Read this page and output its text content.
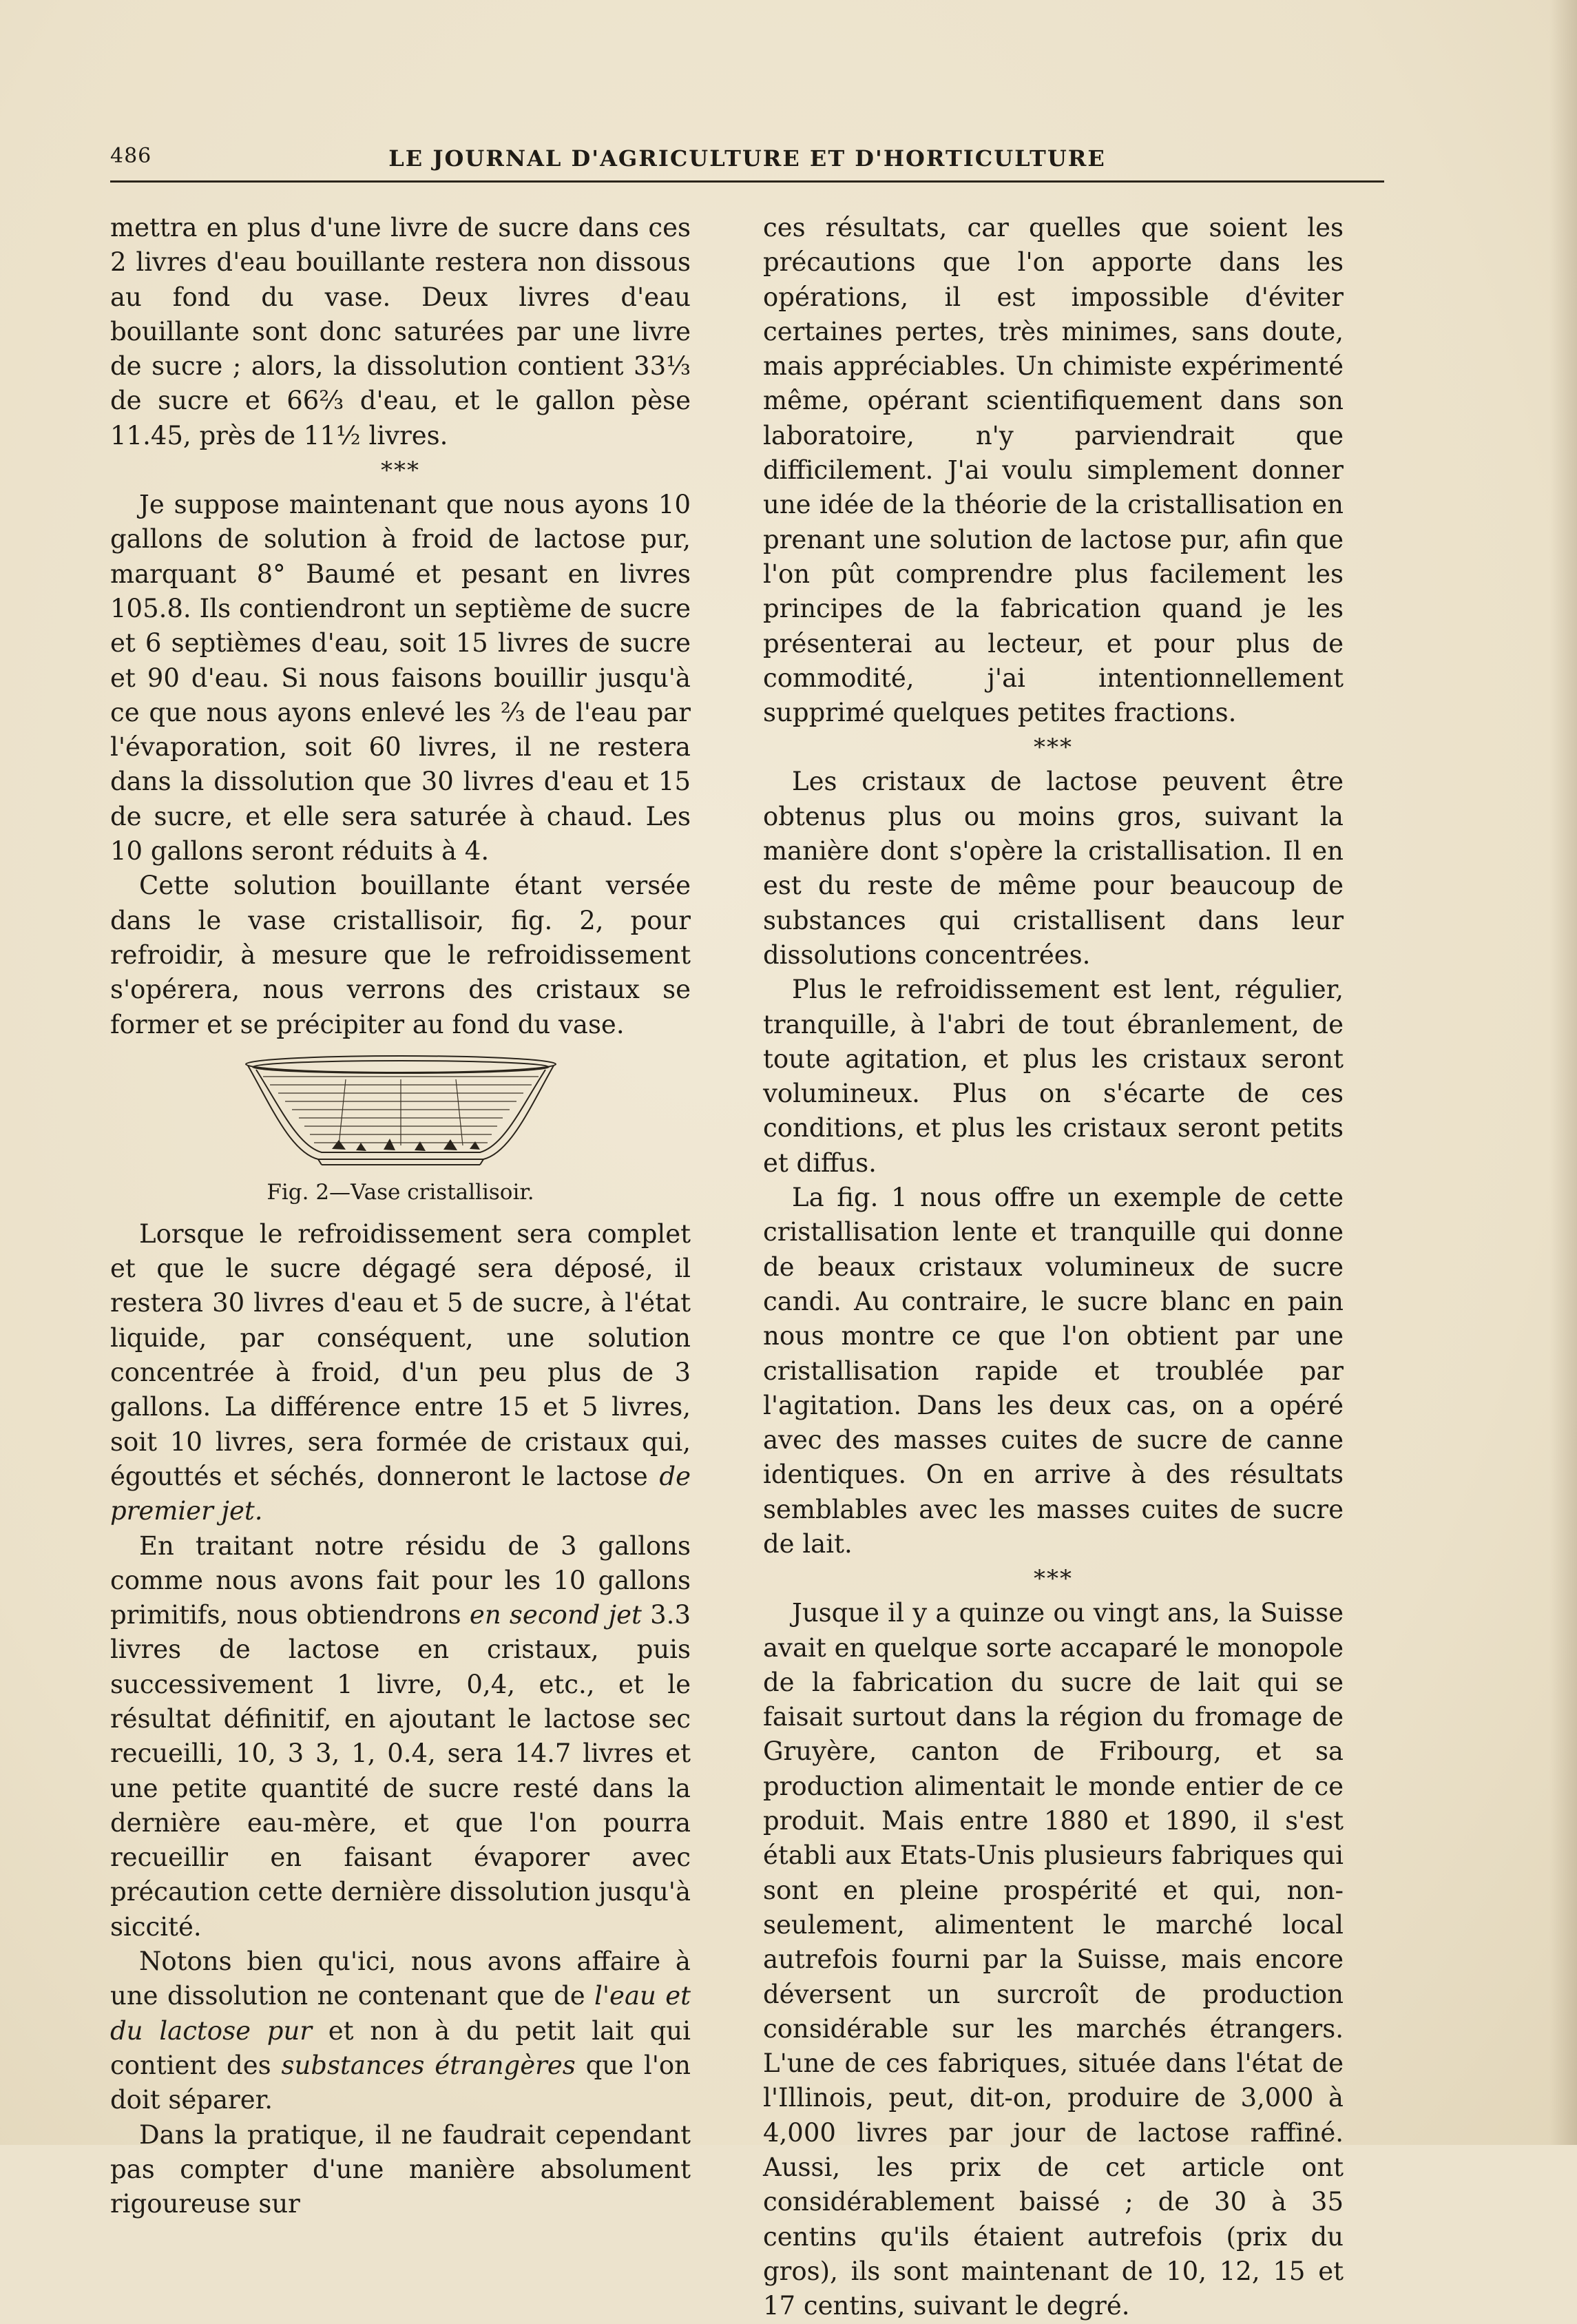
486	LE JOURNAL D'AGRICULTURE ET D'HORTICULTURE

mettra en plus d'une livre de sucre dans ces 2 livres d'eau bouillante restera non dissous au fond du vase. Deux livres d'eau bouillante sont donc saturées par une livre de sucre ; alors, la dissolution contient 33⅓ de sucre et 66⅔ d'eau, et le gallon pèse 11.45, près de 11½ livres.

***

Je suppose maintenant que nous ayons 10 gallons de solution à froid de lactose pur, marquant 8° Baumé et pesant en livres 105.8. Ils contiendront un septième de sucre et 6 septièmes d'eau, soit 15 livres de sucre et 90 d'eau. Si nous faisons bouillir jusqu'à ce que nous ayons enlevé les ⅔ de l'eau par l'évaporation, soit 60 livres, il ne restera dans la dissolution que 30 livres d'eau et 15 de sucre, et elle sera saturée à chaud. Les 10 gallons seront réduits à 4.

Cette solution bouillante étant versée dans le vase cristallisoir, fig. 2, pour refroidir, à mesure que le refroidissement s'opérera, nous verrons des cristaux se former et se précipiter au fond du vase.

Fig. 2—Vase cristallisoir.

Lorsque le refroidissement sera complet et que le sucre dégagé sera déposé, il restera 30 livres d'eau et 5 de sucre, à l'état liquide, par conséquent, une solution concentrée à froid, d'un peu plus de 3 gallons. La différence entre 15 et 5 livres, soit 10 livres, sera formée de cristaux qui, égouttés et séchés, donneront le lactose de premier jet.

En traitant notre résidu de 3 gallons comme nous avons fait pour les 10 gallons primitifs, nous obtiendrons en second jet 3.3 livres de lactose en cristaux, puis successivement 1 livre, 0,4, etc., et le résultat définitif, en ajoutant le lactose sec recueilli, 10, 3 3, 1, 0.4, sera 14.7 livres et une petite quantité de sucre resté dans la dernière eau-mère, et que l'on pourra recueillir en faisant évaporer avec précaution cette dernière dissolution jusqu'à siccité.

Notons bien qu'ici, nous avons affaire à une dissolution ne contenant que de l'eau et du lactose pur et non à du petit lait qui contient des substances étrangères que l'on doit séparer.

Dans la pratique, il ne faudrait cependant pas compter d'une manière absolument rigoureuse sur

ces résultats, car quelles que soient les précautions que l'on apporte dans les opérations, il est impossible d'éviter certaines pertes, très minimes, sans doute, mais appréciables. Un chimiste expérimenté même, opérant scientifiquement dans son laboratoire, n'y parviendrait que difficilement. J'ai voulu simplement donner une idée de la théorie de la cristallisation en prenant une solution de lactose pur, afin que l'on pût comprendre plus facilement les principes de la fabrication quand je les présenterai au lecteur, et pour plus de commodité, j'ai intentionnellement supprimé quelques petites fractions.

***

Les cristaux de lactose peuvent être obtenus plus ou moins gros, suivant la manière dont s'opère la cristallisation. Il en est du reste de même pour beaucoup de substances qui cristallisent dans leur dissolutions concentrées.

Plus le refroidissement est lent, régulier, tranquille, à l'abri de tout ébranlement, de toute agitation, et plus les cristaux seront volumineux. Plus on s'écarte de ces conditions, et plus les cristaux seront petits et diffus.

La fig. 1 nous offre un exemple de cette cristallisation lente et tranquille qui donne de beaux cristaux volumineux de sucre candi. Au contraire, le sucre blanc en pain nous montre ce que l'on obtient par une cristallisation rapide et troublée par l'agitation. Dans les deux cas, on a opéré avec des masses cuites de sucre de canne identiques. On en arrive à des résultats semblables avec les masses cuites de sucre de lait.

***

Jusque il y a quinze ou vingt ans, la Suisse avait en quelque sorte accaparé le monopole de la fabrication du sucre de lait qui se faisait surtout dans la région du fromage de Gruyère, canton de Fribourg, et sa production alimentait le monde entier de ce produit. Mais entre 1880 et 1890, il s'est établi aux Etats-Unis plusieurs fabriques qui sont en pleine prospérité et qui, non-seulement, alimentent le marché local autrefois fourni par la Suisse, mais encore déversent un surcroît de production considérable sur les marchés étrangers. L'une de ces fabriques, située dans l'état de l'Illinois, peut, dit-on, produire de 3,000 à 4,000 livres par jour de lactose raffiné. Aussi, les prix de cet article ont considérablement baissé ; de 30 à 35 centins qu'ils étaient autrefois (prix du gros), ils sont maintenant de 10, 12, 15 et 17 centins, suivant le degré.
